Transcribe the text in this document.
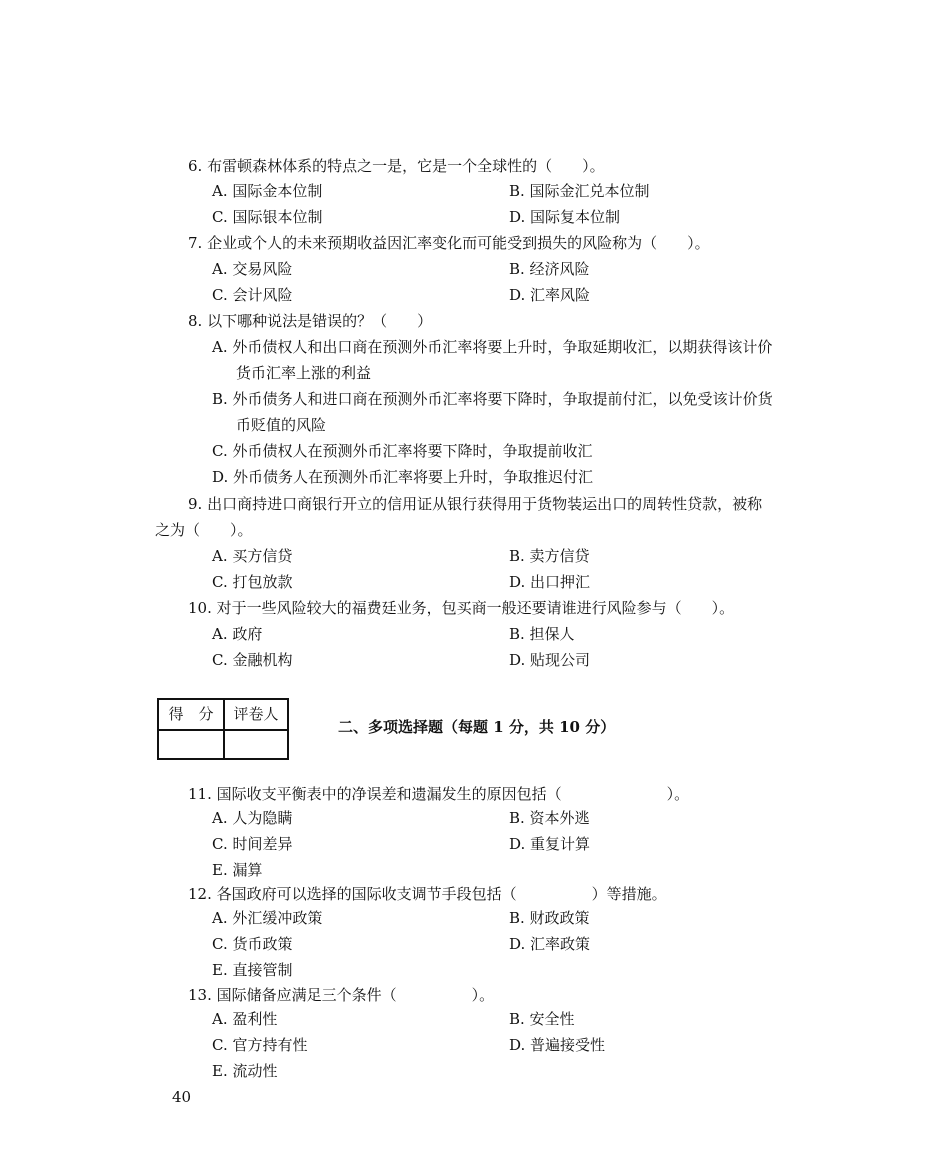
6. 布雷顿森林体系的特点之一是，它是一个全球性的（　　）。
A. 国际金本位制	B. 国际金汇兑本位制
C. 国际银本位制	D. 国际复本位制
7. 企业或个人的未来预期收益因汇率变化而可能受到损失的风险称为（　　）。
A. 交易风险	B. 经济风险
C. 会计风险	D. 汇率风险
8. 以下哪种说法是错误的？（　　）
A. 外币债权人和出口商在预测外币汇率将要上升时，争取延期收汇，以期获得该计价
货币汇率上涨的利益
B. 外币债务人和进口商在预测外币汇率将要下降时，争取提前付汇，以免受该计价货
币贬值的风险
C. 外币债权人在预测外币汇率将要下降时，争取提前收汇
D. 外币债务人在预测外币汇率将要上升时，争取推迟付汇
9. 出口商持进口商银行开立的信用证从银行获得用于货物装运出口的周转性贷款，被称
之为（　　）。
A. 买方信贷	B. 卖方信贷
C. 打包放款	D. 出口押汇
10. 对于一些风险较大的福费廷业务，包买商一般还要请谁进行风险参与（　　）。
A. 政府	B. 担保人
C. 金融机构	D. 贴现公司
得　分	评卷人
二、多项选择题（每题 1 分，共 10 分）
11. 国际收支平衡表中的净误差和遗漏发生的原因包括（　　　　　　　）。
A. 人为隐瞒	B. 资本外逃
C. 时间差异	D. 重复计算
E. 漏算
12. 各国政府可以选择的国际收支调节手段包括（　　　　　）等措施。
A. 外汇缓冲政策	B. 财政政策
C. 货币政策	D. 汇率政策
E. 直接管制
13. 国际储备应满足三个条件（　　　　　）。
A. 盈利性	B. 安全性
C. 官方持有性	D. 普遍接受性
E. 流动性
40
